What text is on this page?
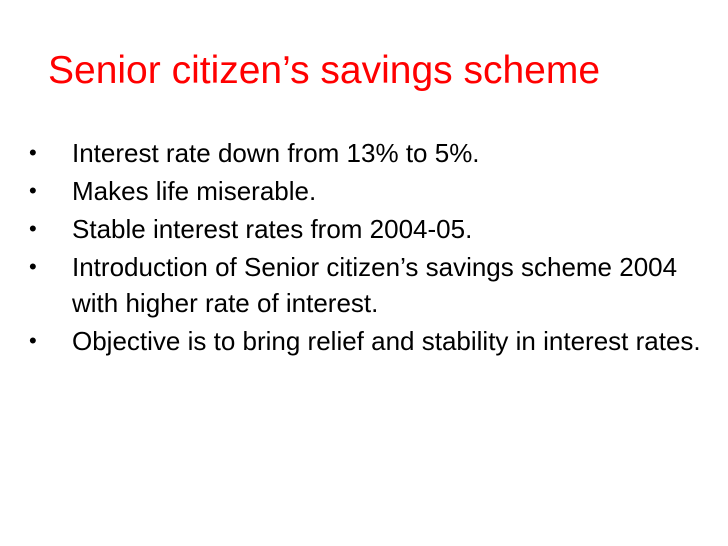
Senior citizen’s savings scheme
• Interest rate down from 13% to 5%.
• Makes life miserable.
• Stable interest rates from 2004-05.
• Introduction of Senior citizen’s savings scheme 2004 with higher rate of interest.
• Objective is to bring relief and stability in interest rates.
